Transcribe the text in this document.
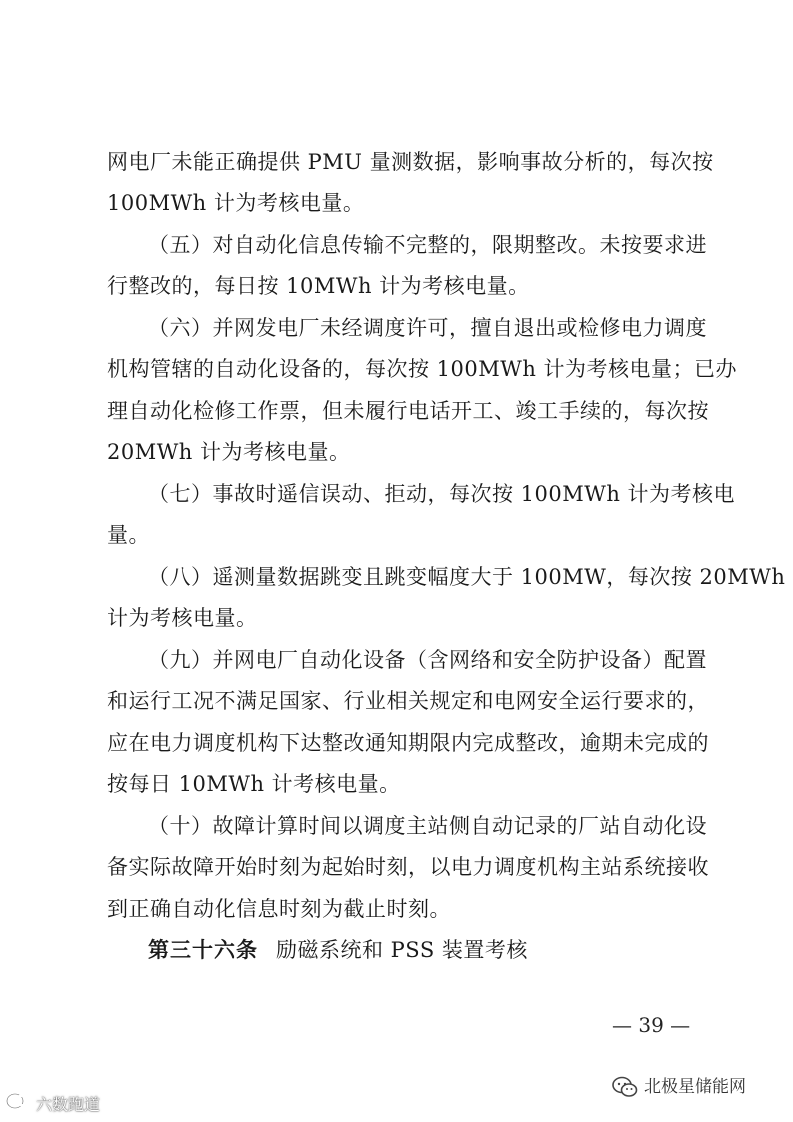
网电厂未能正确提供 PMU 量测数据，影响事故分析的，每次按
100MWh 计为考核电量。
（五）对自动化信息传输不完整的，限期整改。未按要求进
行整改的，每日按 10MWh 计为考核电量。
（六）并网发电厂未经调度许可，擅自退出或检修电力调度
机构管辖的自动化设备的，每次按 100MWh 计为考核电量；已办
理自动化检修工作票，但未履行电话开工、竣工手续的，每次按
20MWh 计为考核电量。
（七）事故时遥信误动、拒动，每次按 100MWh 计为考核电
量。
（八）遥测量数据跳变且跳变幅度大于 100MW，每次按 20MWh
计为考核电量。
（九）并网电厂自动化设备（含网络和安全防护设备）配置
和运行工况不满足国家、行业相关规定和电网安全运行要求的，
应在电力调度机构下达整改通知期限内完成整改，逾期未完成的
按每日 10MWh 计考核电量。
（十）故障计算时间以调度主站侧自动记录的厂站自动化设
备实际故障开始时刻为起始时刻，以电力调度机构主站系统接收
到正确自动化信息时刻为截止时刻。
第三十六条 励磁系统和 PSS 装置考核
— 39 —
六数跑道
北极星储能网
